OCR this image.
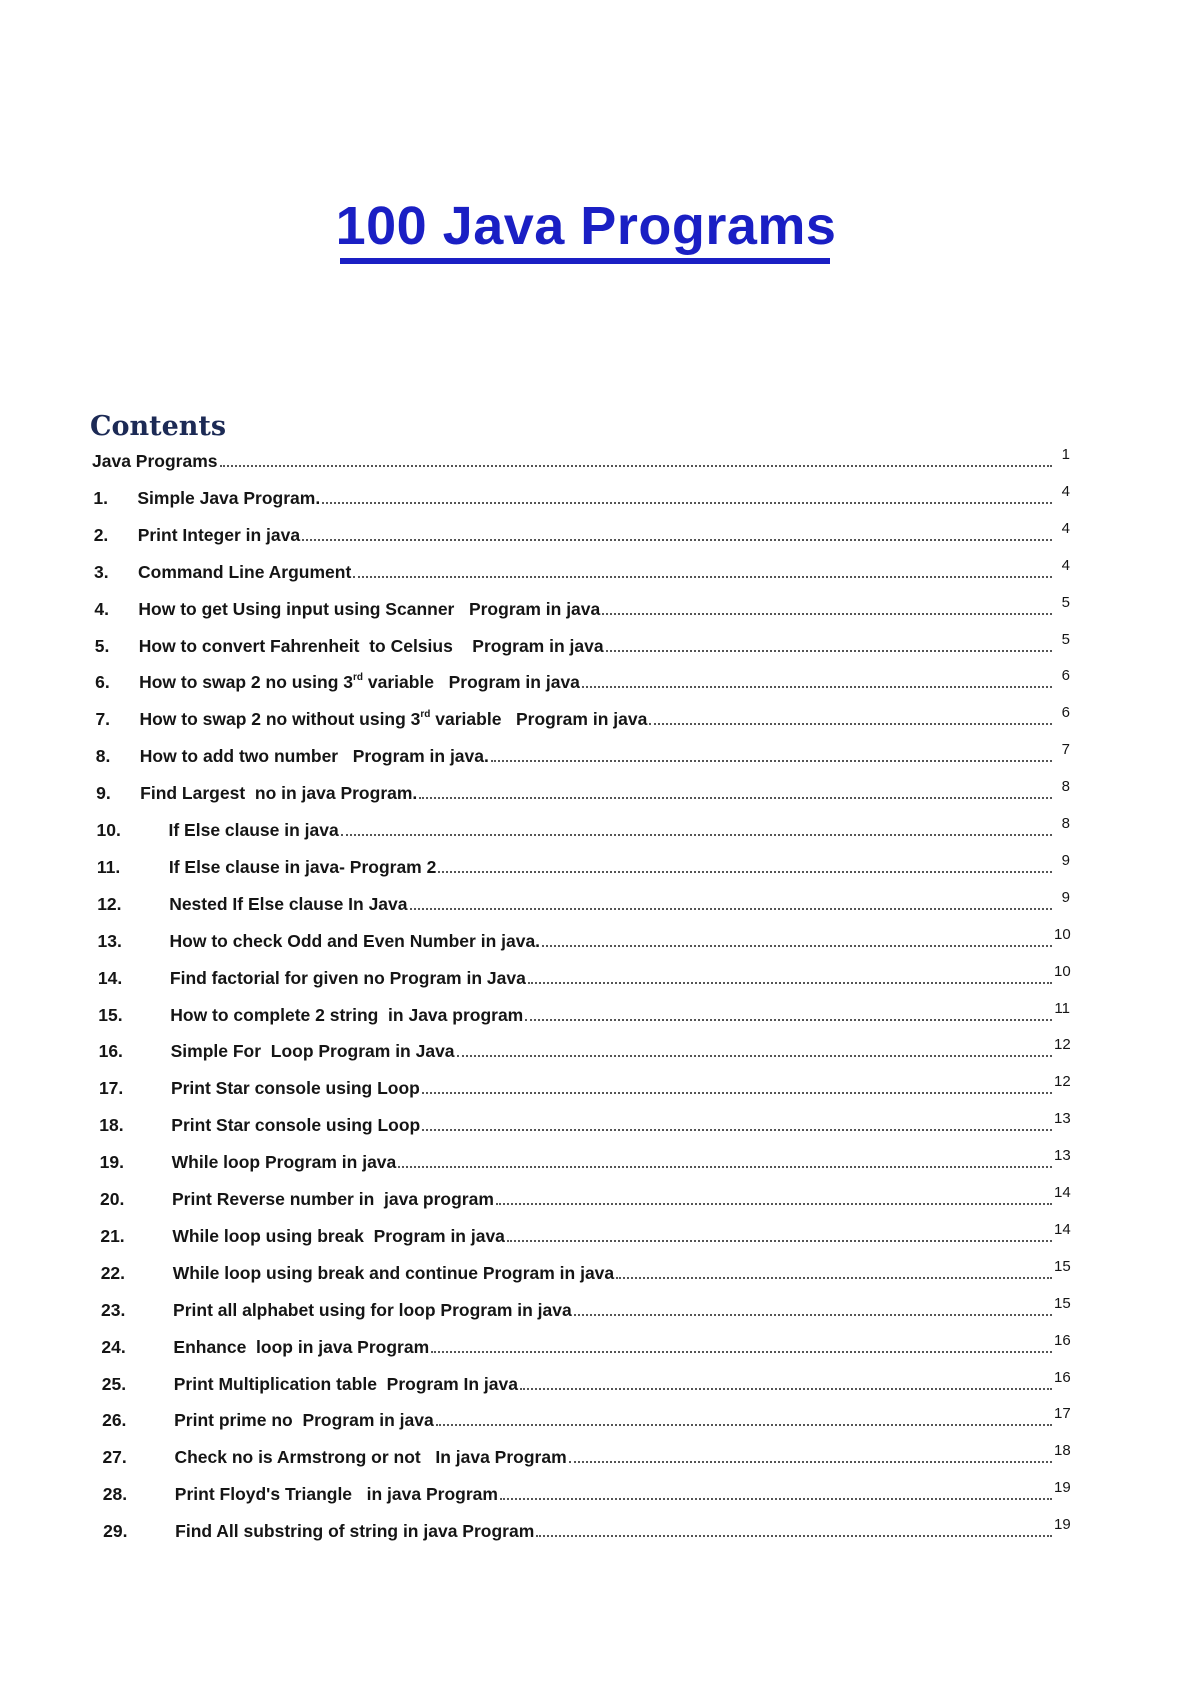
100 Java Programs
Contents
Java Programs	1
1.	Simple Java Program.	4
2.	Print Integer in java	4
3.	Command Line Argument	4
4.	How to get Using input using Scanner   Program in java	5
5.	How to convert Fahrenheit  to Celsius    Program in java	5
6.	How to swap 2 no using 3rd variable   Program in java	6
7.	How to swap 2 no without using 3rd variable   Program in java	6
8.	How to add two number   Program in java.	7
9.	Find Largest  no in java Program.	8
10.	If Else clause in java	8
11.	If Else clause in java- Program 2	9
12.	Nested If Else clause In Java	9
13.	How to check Odd and Even Number in java.	10
14.	Find factorial for given no Program in Java	10
15.	How to complete 2 string  in Java program	11
16.	Simple For  Loop Program in Java	12
17.	Print Star console using Loop	12
18.	Print Star console using Loop	13
19.	While loop Program in java	13
20.	Print Reverse number in  java program	14
21.	While loop using break  Program in java	14
22.	While loop using break and continue Program in java	15
23.	Print all alphabet using for loop Program in java	15
24.	Enhance  loop in java Program	16
25.	Print Multiplication table  Program In java	16
26.	Print prime no  Program in java	17
27.	Check no is Armstrong or not   In java Program	18
28.	Print Floyd's Triangle   in java Program	19
29.	Find All substring of string in java Program	19
